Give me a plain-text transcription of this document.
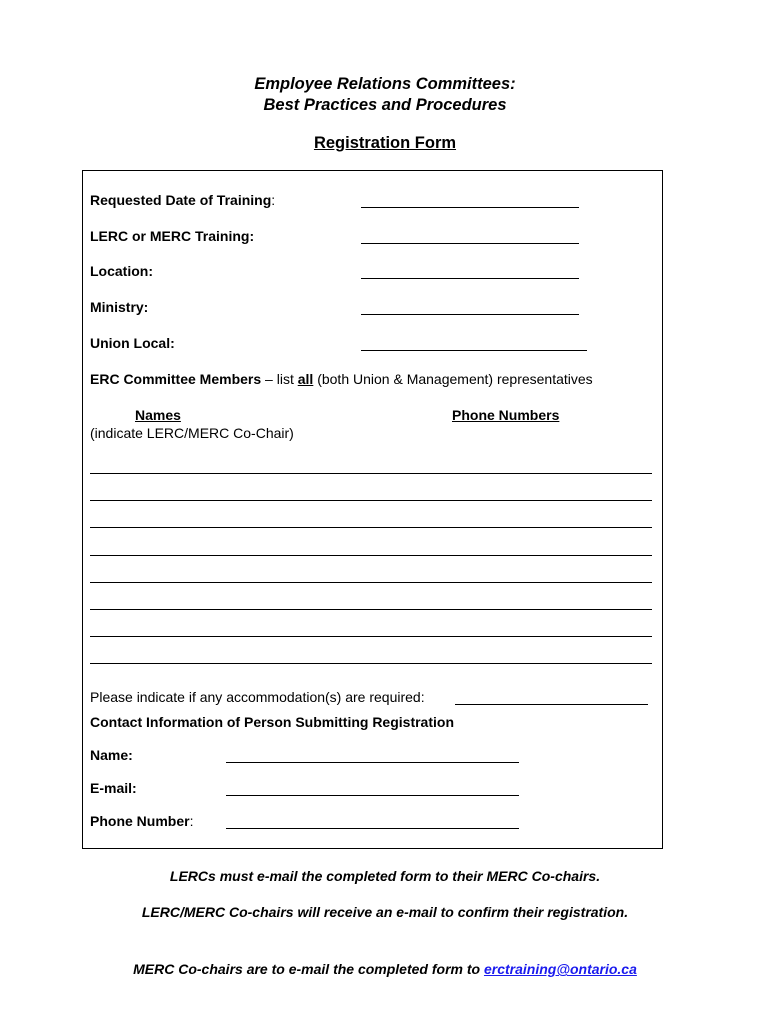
Employee Relations Committees:
Best Practices and Procedures
Registration Form
Requested Date of Training:
LERC or MERC Training:
Location:
Ministry:
Union Local:
ERC Committee Members – list all (both Union & Management) representatives
Names	Phone Numbers
(indicate LERC/MERC Co-Chair)
Please indicate if any accommodation(s) are required:
Contact Information of Person Submitting Registration
Name:
E-mail:
Phone Number:
LERCs must e-mail the completed form to their MERC Co-chairs.
LERC/MERC Co-chairs will receive an e-mail to confirm their registration.
MERC Co-chairs are to e-mail the completed form to erctraining@ontario.ca
